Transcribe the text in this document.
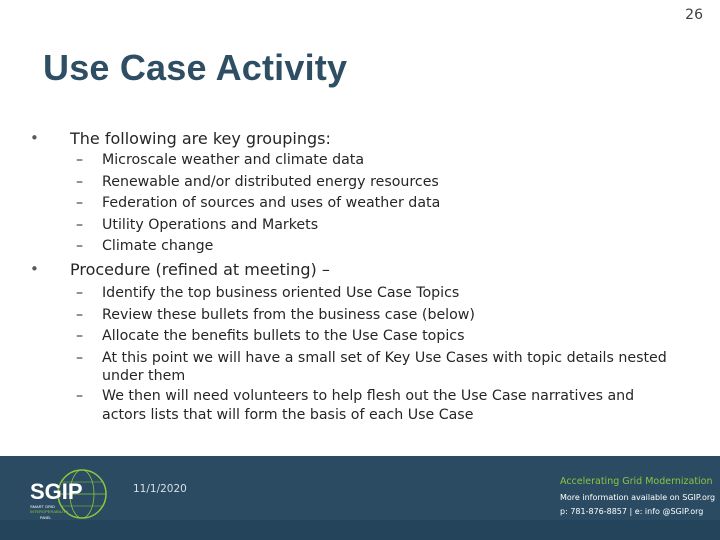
26
Use Case Activity
• The following are key groupings:
– Microscale weather and climate data
– Renewable and/or distributed energy resources
– Federation of sources and uses of weather data
– Utility Operations and Markets
– Climate change
• Procedure (refined at meeting) –
– Identify the top business oriented Use Case Topics
– Review these bullets from the business case (below)
– Allocate the benefits bullets to the Use Case topics
– At this point we will have a small set of Key Use Cases with topic details nested under them
– We then will need volunteers to help flesh out the Use Case narratives and actors lists that will form the basis of each Use Case
SGIP
SMART GRID
INTEROPERABILITY
PANEL
11/1/2020
Accelerating Grid Modernization
More information available on SGIP.org
p: 781-876-8857 | e: info @SGIP.org
